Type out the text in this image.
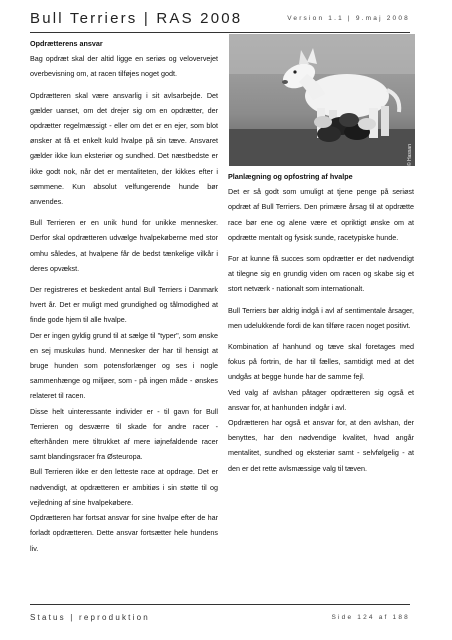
Bull Terriers | RAS 2008	Version 1.1 | 9.maj 2008

Opdrætterens ansvar

Bag opdræt skal der altid ligge en seriøs og velovervejet overbevisning om, at racen tilføjes noget godt.

Opdrætteren skal være ansvarlig i sit avlsarbejde. Det gælder uanset, om det drejer sig om en opdrætter, der opdrætter regelmæssigt - eller om det er en ejer, som blot ønsker at få et enkelt kuld hvalpe på sin tæve. Ansvaret gælder ikke kun eksteriør og sundhed. Det næstbedste er ikke godt nok, når det er mentaliteten, der kikkes efter i sømmene. Kun absolut velfungerende hunde bør anvendes.

Bull Terrieren er en unik hund for unikke mennesker. Derfor skal opdrætteren udvælge hvalpekøberne med stor omhu således, at hvalpene får de bedst tænkelige vilkår i deres opvækst.

Der registreres et beskedent antal Bull Terriers i Danmark hvert år. Det er muligt med grundighed og tålmodighed at finde gode hjem til alle hvalpe.

Der er ingen gyldig grund til at sælge til "typer", som ønske en sej muskuløs hund. Mennesker der har til hensigt at bruge hunden som potensforlænger og ses i nogle sammenhænge og miljøer, som - på ingen måde - ønskes relateret til racen.

Disse helt uinteressante individer er - til gavn for Bull Terrieren og desværre til skade for andre racer - efterhånden mere tiltrukket af mere iøjnefaldende racer samt blandingsracer fra Østeuropa.

Bull Terrieren ikke er den letteste race at opdrage. Det er nødvendigt, at opdrætteren er ambitiøs i sin støtte til og vejledning af sine hvalpekøbere.

Opdrætteren har fortsat ansvar for sine hvalpe efter de har forladt opdrætteren. Dette ansvar fortsætter hele hundens liv.

© Hassan

Planlægning og opfostring af hvalpe

Det er så godt som umuligt at tjene penge på seriøst opdræt af Bull Terriers. Den primære årsag til at opdrætte race bør ene og alene være et opriktigt ønske om at opdrætte mentalt og fysisk sunde, racetypiske hunde.

For at kunne få succes som opdrætter er det nødvendigt at tilegne sig en grundig viden om racen og skabe sig et stort netværk - nationalt som internationalt.

Bull Terriers bør aldrig indgå i avl af sentimentale årsager, men udelukkende fordi de kan tilføre racen noget positivt.

Kombination af hanhund og tæve skal foretages med fokus på fortrin, de har til fælles, samtidigt med at det undgås at begge hunde har de samme fejl.

Ved valg af avlshan påtager opdrætteren sig også et ansvar for, at hanhunden indgår i avl.

Opdrætteren har også et ansvar for, at den avlshan, der benyttes, har den nødvendige kvalitet, hvad angår mentalitet, sundhed og eksteriør samt - selvfølgelig - at den er det rette avlsmæssige valg til tæven.

Status | reproduktion	Side 124 af 188
